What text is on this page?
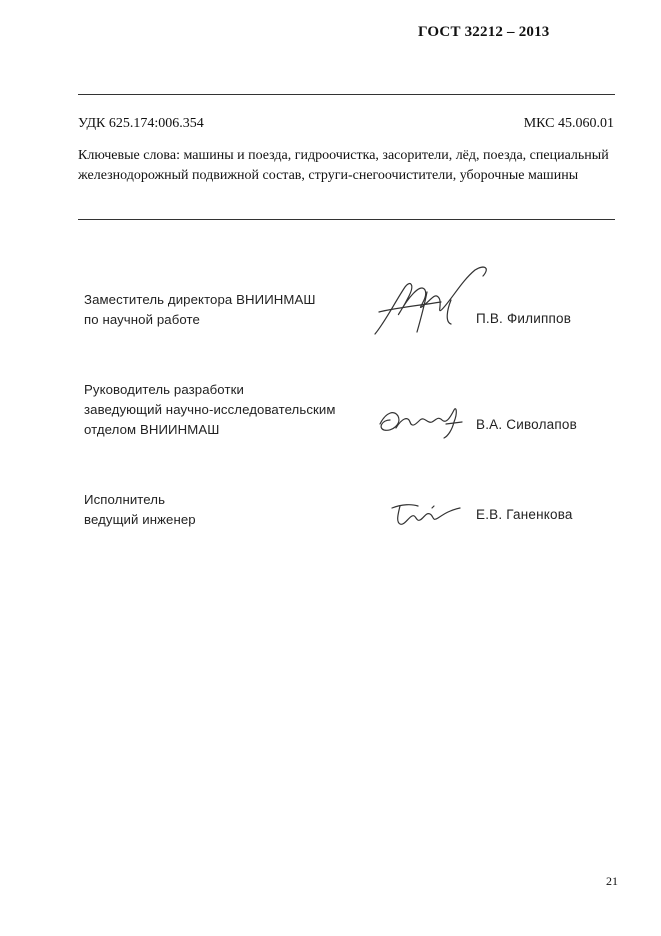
ГОСТ 32212 – 2013
УДК 625.174:006.354	МКС 45.060.01
Ключевые слова: машины и поезда, гидроочистка, засорители, лёд, поезда, специальный железнодорожный подвижной состав, струги-снегоочистители, уборочные машины
Заместитель директора ВНИИНМАШ
по научной работе	П.В. Филиппов
Руководитель разработки
заведующий научно-исследовательским
отделом ВНИИНМАШ	В.А. Сиволапов
Исполнитель
ведущий инженер	Е.В. Ганенкова
21
